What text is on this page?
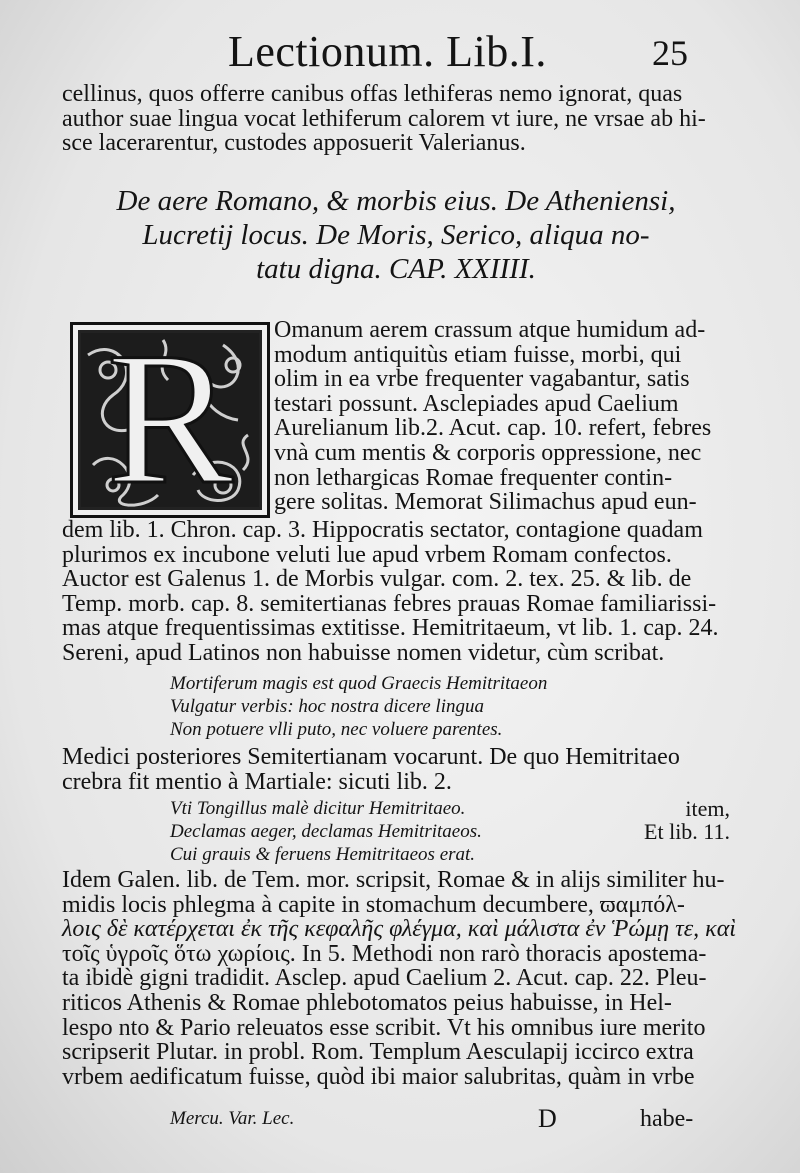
Lectionum. Lib.I.	25
cellinus, quos offerre canibus offas lethiferas nemo ignorat, quas
author suae lingua vocat lethiferum calorem vt iure, ne vrsae ab hi-
sce lacerarentur, custodes apposuerit Valerianus.
De aere Romano, & morbis eius. De Atheniensi,
Lucretij locus. De Moris, Serico, aliqua no-
tatu digna. CAP. XXIIII.
R	Omanum aerem crassum atque humidum ad-
modum antiquitùs etiam fuisse, morbi, qui
olim in ea vrbe frequenter vagabantur, satis
testari possunt. Asclepiades apud Caelium
Aurelianum lib.2. Acut. cap. 10. refert, febres
vnà cum mentis & corporis oppressione, nec
non lethargicas Romae frequenter contin-
gere solitas. Memorat Silimachus apud eun-
dem lib. 1. Chron. cap. 3. Hippocratis sectator, contagione quadam
plurimos ex incubone veluti lue apud vrbem Romam confectos.
Auctor est Galenus 1. de Morbis vulgar. com. 2. tex. 25. & lib. de
Temp. morb. cap. 8. semitertianas febres prauas Romae familiarissi-
mas atque frequentissimas extitisse. Hemitritaeum, vt lib. 1. cap. 24.
Sereni, apud Latinos non habuisse nomen videtur, cùm scribat.
Mortiferum magis est quod Graecis Hemitritaeon
Vulgatur verbis: hoc nostra dicere lingua
Non potuere vlli puto, nec voluere parentes.
Medici posteriores Semitertianam vocarunt. De quo Hemitritaeo
crebra fit mentio à Martiale: sicuti lib. 2.
Vti Tongillus malè dicitur Hemitritaeo.	item,
Declamas aeger, declamas Hemitritaeos.	Et lib. 11.
Cui grauis & feruens Hemitritaeos erat.
Idem Galen. lib. de Tem. mor. scripsit, Romae & in alijs similiter hu-
midis locis phlegma à capite in stomachum decumbere, ϖαμπόλ-
λοις δὲ κατέρχεται ἐκ τῆς κεφαλῆς φλέγμα, καὶ μάλιστα ἐν Ῥώμῃ τε, καὶ
τοῖς ὑγροῖς ὅτω χωρίοις. In 5. Methodi non rarò thoracis apostema-
ta ibidè gigni tradidit. Asclep. apud Caelium 2. Acut. cap. 22. Pleu-
riticos Athenis & Romae phlebotomatos peius habuisse, in Hel-
lespo nto & Pario releuatos esse scribit. Vt his omnibus iure merito
scripserit Plutar. in probl. Rom. Templum Aesculapij iccirco extra
vrbem aedificatum fuisse, quòd ibi maior salubritas, quàm in vrbe
Mercu. Var. Lec.	D	habe-
